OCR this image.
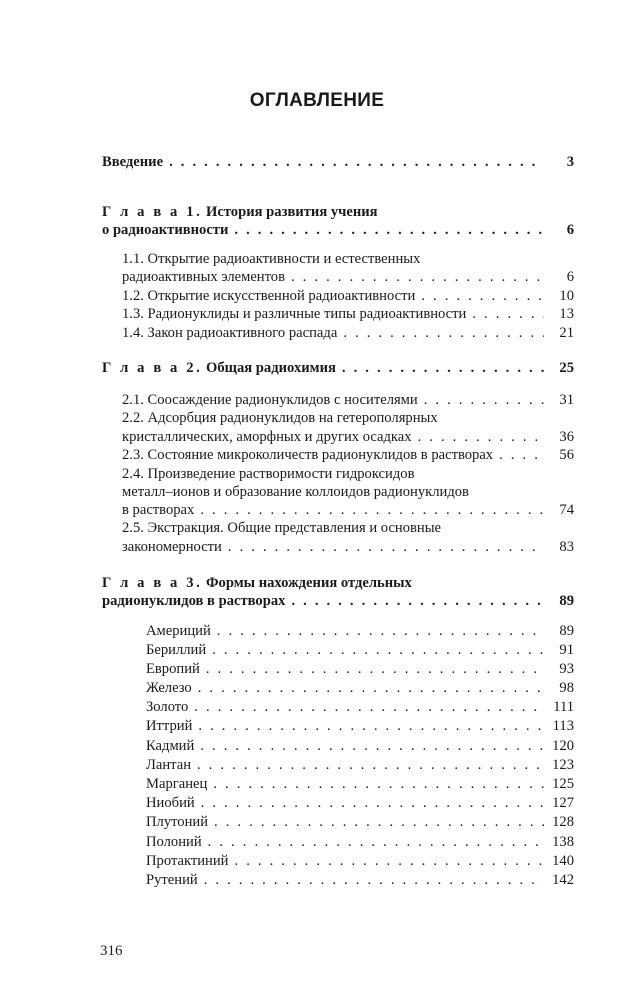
ОГЛАВЛЕНИЕ
Введение . . .	3
Г л а в а 1. История развития учения
о радиоактивности . . .	6
1.1. Открытие радиоактивности и естественных
радиоактивных элементов . . .	6
1.2. Открытие искусственной радиоактивности . . .	10
1.3. Радионуклиды и различные типы радиоактивности . . .	13
1.4. Закон радиоактивного распада . . .	21
Г л а в а 2. Общая радиохимия . . .	25
2.1. Соосаждение радионуклидов с носителями . . .	31
2.2. Адсорбция радионуклидов на гетерополярных
кристаллических, аморфных и других осадках . . .	36
2.3. Состояние микроколичеств радионуклидов в растворах . . .	56
2.4. Произведение растворимости гидроксидов
металл–ионов и образование коллоидов радионуклидов
в растворах . . .	74
2.5. Экстракция. Общие представления и основные
закономерности . . .	83
Г л а в а 3. Формы нахождения отдельных
радионуклидов в растворах . . .	89
Америций . . .	89
Бериллий . . .	91
Европий . . .	93
Железо . . .	98
Золото . . .	111
Иттрий . . .	113
Кадмий . . .	120
Лантан . . .	123
Марганец . . .	125
Ниобий . . .	127
Плутоний . . .	128
Полоний . . .	138
Протактиний . . .	140
Рутений . . .	142
316
